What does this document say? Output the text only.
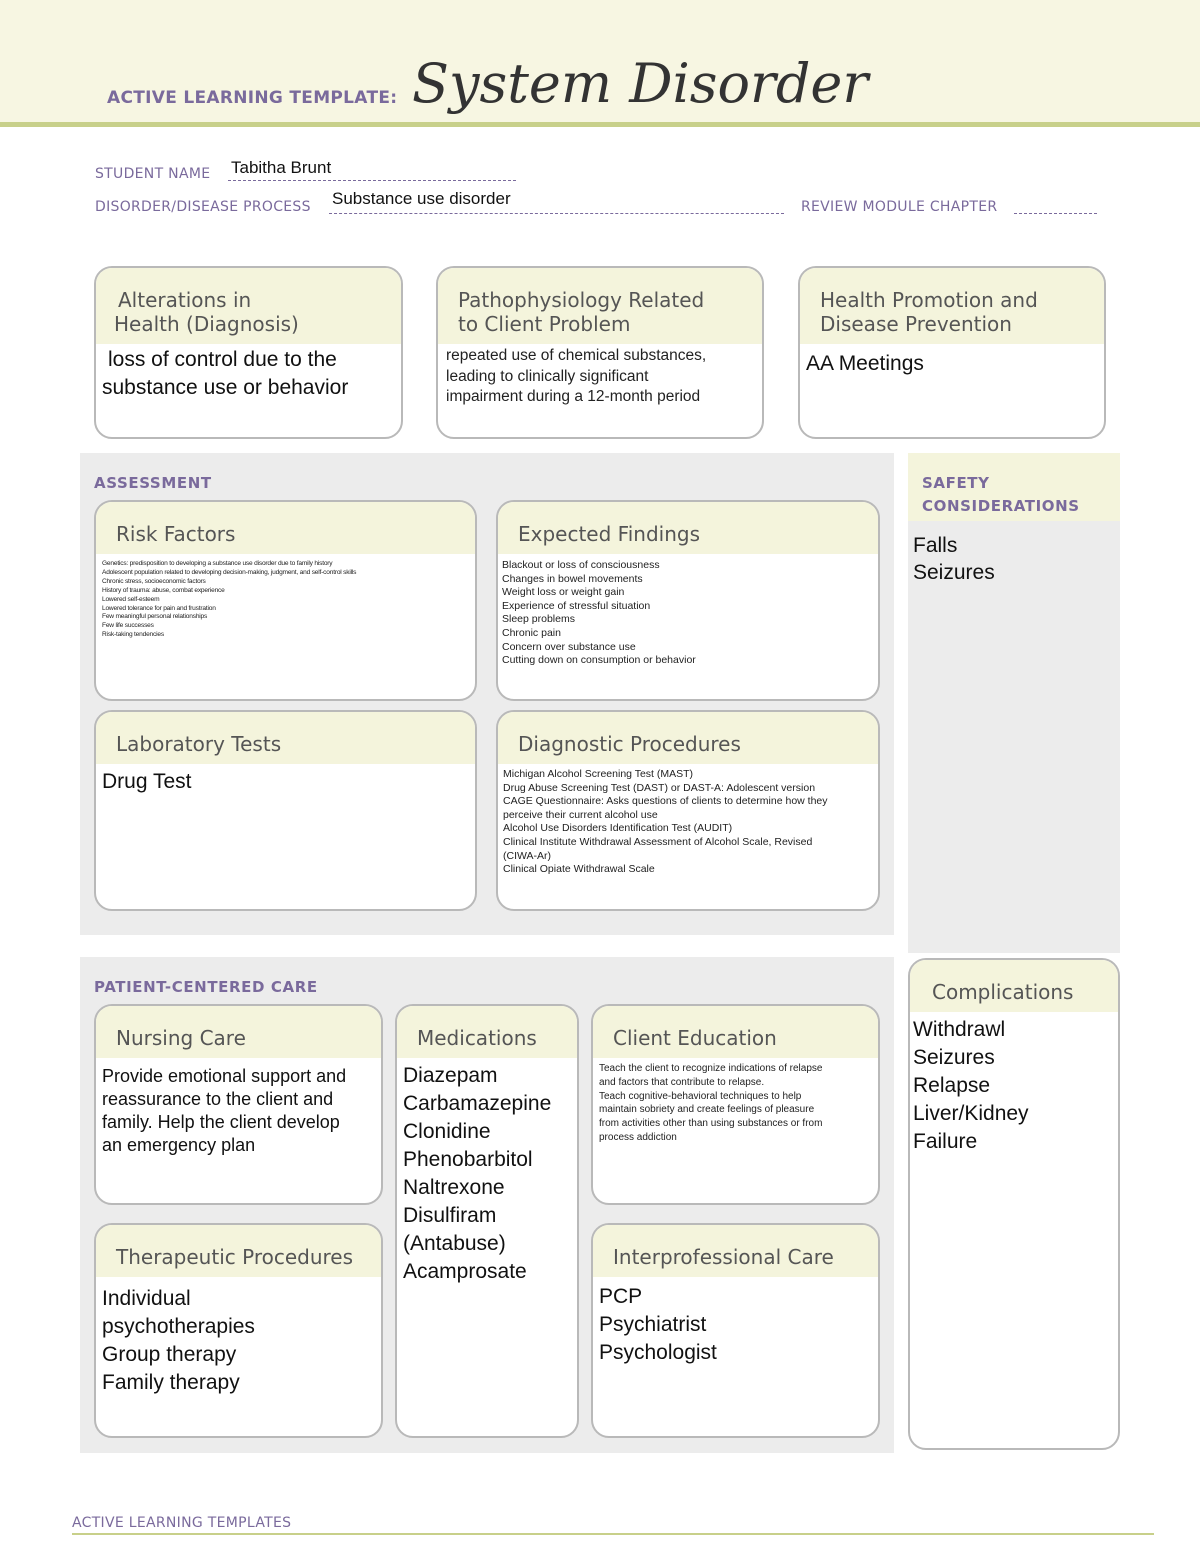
ACTIVE LEARNING TEMPLATE: System Disorder
STUDENT NAME Tabitha Brunt
DISORDER/DISEASE PROCESS Substance use disorder	REVIEW MODULE CHAPTER
Alterations in
Health (Diagnosis)
loss of control due to the
substance use or behavior
Pathophysiology Related
to Client Problem
repeated use of chemical substances,
leading to clinically significant
impairment during a 12-month period
Health Promotion and
Disease Prevention
AA Meetings
ASSESSMENT
Risk Factors
Genetics: predisposition to developing a substance use disorder due to family history
Adolescent population related to developing decision-making, judgment, and self-control skills
Chronic stress, socioeconomic factors
History of trauma: abuse, combat experience
Lowered self-esteem
Lowered tolerance for pain and frustration
Few meaningful personal relationships
Few life successes
Risk-taking tendencies
Expected Findings
Blackout or loss of consciousness
Changes in bowel movements
Weight loss or weight gain
Experience of stressful situation
Sleep problems
Chronic pain
Concern over substance use
Cutting down on consumption or behavior
Laboratory Tests
Drug Test
Diagnostic Procedures
Michigan Alcohol Screening Test (MAST)
Drug Abuse Screening Test (DAST) or DAST-A: Adolescent version
CAGE Questionnaire: Asks questions of clients to determine how they
perceive their current alcohol use
Alcohol Use Disorders Identification Test (AUDIT)
Clinical Institute Withdrawal Assessment of Alcohol Scale, Revised
(CIWA-Ar)
Clinical Opiate Withdrawal Scale
SAFETY
CONSIDERATIONS
Falls
Seizures
PATIENT-CENTERED CARE
Nursing Care
Provide emotional support and
reassurance to the client and
family. Help the client develop
an emergency plan
Medications
Diazepam
Carbamazepine
Clonidine
Phenobarbitol
Naltrexone
Disulfiram
(Antabuse)
Acamprosate
Client Education
Teach the client to recognize indications of relapse
and factors that contribute to relapse.
Teach cognitive-behavioral techniques to help
maintain sobriety and create feelings of pleasure
from activities other than using substances or from
process addiction
Therapeutic Procedures
Individual
psychotherapies
Group therapy
Family therapy
Interprofessional Care
PCP
Psychiatrist
Psychologist
Complications
Withdrawl
Seizures
Relapse
Liver/Kidney
Failure
ACTIVE LEARNING TEMPLATES
